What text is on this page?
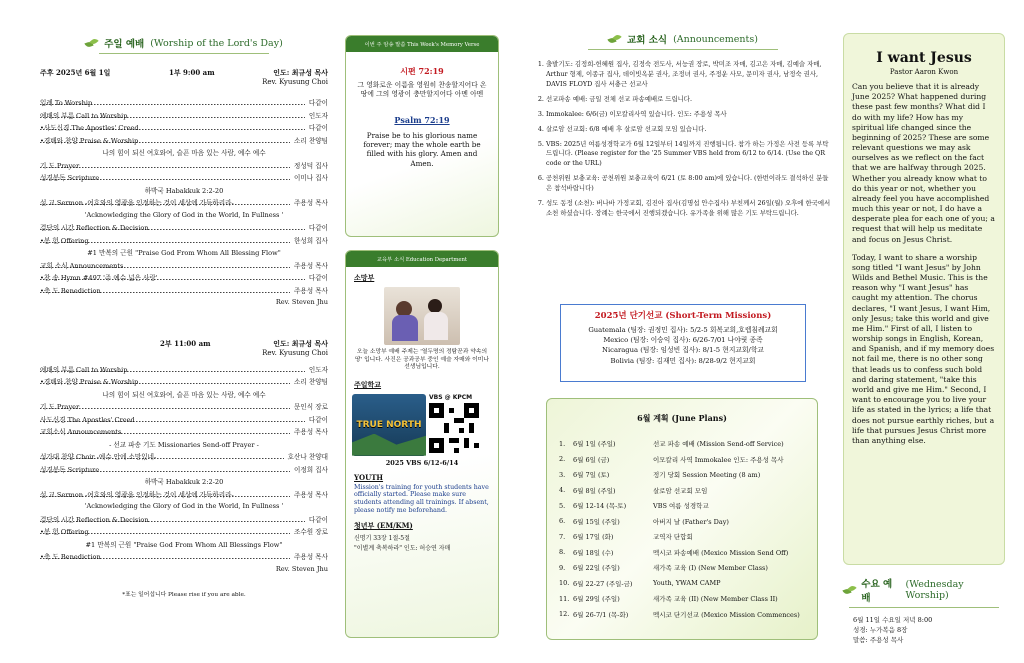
주일 예배 (Worship of the Lord's Day)
주후 2025년 6월 1일	1부 9:00 am	인도: 최규성 목사
Rev. Kyusung Choi
입례 To Worship	다같이
예배의 부름 Call to Worship	인도자
•사도신경 The Apostles' Creed	다같이
•경배와 찬양 Praise & Worship	소리 찬양팀
나의 힘이 되신 여호와여, 슬픈 마음 있는 사람, 예수 예수
기 도 Prayer	정성덕 집사
성경봉독 Scripture	이미나 집사
하박국 Habakkuk 2:2-20
설 교 Sermon -여호와의 영광을 인정하는 것이 세상에 가득하리라-	주용성 목사
'Acknowledging the Glory of God in the World, In Fullness '
결단의 시간 Reflection & Decision	다같이
•봉 헌 Offering	한성희 집사
#1 만복의 근원 "Praise God From Whom All Blessing Flow"
교회 소식 Announcements	주용성 목사
•찬 송 Hymn #497 '주 예수 넓은 사랑'	다같이
•축 도 Benediction	주용성 목사
Rev. Steven Jhu
2부 11:00 am	인도: 최규성 목사
Rev. Kyusung Choi
예배의 부름 Call to Worship	인도자
•경배와 찬양 Praise & Worship	소리 찬양팀
나의 힘이 되신 여호와여, 슬픈 마음 있는 사람, 예수 예수
기 도 Prayer	문인식 장로
사도신경 The Apostles' Creed	다같이
교회소식 Announcements	주용성 목사
- 선교 파송 기도 Missionaries Send-off Prayer -
성가대 찬양 Choir -예수 안에 소망있네-	호산나 찬양대
성경봉독 Scripture	이정희 집사
하박국 Habakkuk 2:2-20
설 교 Sermon -여호와의 영광을 인정하는 것이 세상에 가득하리라-	주용성 목사
'Acknowledging the Glory of God in the World, In Fullness '
결단의 시간 Reflection & Decision	다같이
•봉 헌 Offering	조수원 장로
#1 만복의 근원 "Praise God From Whom All Blessings Flow"
•축 도 Benediction	주용성 목사
Rev. Steven Jhu
*표는 일어섭니다 Please rise if you are able.
이번 주 암송 말씀 This Week's Memory Verse
시편 72:19
그 영화로운 이름을 영원히 찬송할지어다 온 땅에 그의 영광이 충만할지어다 아멘 아멘
Psalm 72:19
Praise be to his glorious name forever; may the whole earth be filled with his glory. Amen and Amen.
교육부 소식 Education Department
소망부
오늘 소망부 예배 주제는 '열두명의 정탐꾼과 약속의 땅' 입니다. 사진은 공과공부 중인 예슬 자매와 이미나 선생님입니다.
주일학교
TRUE NORTH
VBS @ KPCM
2025 VBS 6/12-6/14
YOUTH
Mission's training for youth students have officially started. Please make sure students attending all trainings. If absent, please notify me beforehand.
청년부 (EM/KM)
신명기 33장 1절-5절
"이별계 축복하라" 인도: 허승연 자매
교회 소식 (Announcements)
1. 출발기도: 김정희-헌혜원 집사, 김정숙 전도사, 서능권 장로, 박미조 자매, 김고은 자매, 김예슬 자매, Arthur 형제, 이종규 집사, 데이빗옥분 권사, 조정녀 권사, 주정운 사모, 문미자 권사, 남정숙 권사, DAVIS FLOYD 집사 서충근 선교사
2. 선교파송 예배: 금일 전체 선교 파송예배로 드립니다.
3. Immokalee: 6/6(금) 이모칼리사역 있습니다. 인도: 주용성 목사
4. 살로암 선교회: 6/8 예배 후 살로암 선교회 모임 있습니다.
5. VBS: 2025년 여름성경학교가 6월 12일부터 14일까지 진행됩니다. 참가 하는 가정은 사전 등록 부탁드립니다. (Please register for the '25 Summer VBS held from 6/12 to 6/14. (Use the QR code or the URL)
6. 공천위원 보충교육: 공천위원 보충교육이 6/21 (토 8:00 am)에 있습니다. (한번이라도 결석하신 분들은 참석바랍니다)
7. 성도 동정 (소천): 버나바 가정교회, 김진아 집사(김명섭 안수집사) 부친께서 26일(월) 오후에 한국에서 소천 하셨습니다. 장례는 한국에서 진행되겠습니다. 유가족을 위해 많은 기도 부탁드립니다.
2025년 단기선교 (Short-Term Missions)
Guatemala (팀장: 권정민 집사): 5/2-5 회복교회,호렙침례교회
Mexico (팀장: 이승익 집사): 6/26-7/01 나야릿 종족
Nicaragua (팀장: 임성빈 집사): 8/1-5 현지교회/학교
Bolivia (팀장: 김재민 집사): 8/28-9/2 현지교회
6월 계획 (June Plans)
1.	6월 1일 (주일)	선교 파송 예배 (Mission Send-off Service)
2.	6월 6일 (금)	이모칼리 사역 Immokalee 인도: 주용성 목사
3.	6월 7일 (토)	정기 당회 Session Meeting (8 am)
4.	6월 8일 (주일)	살로암 선교회 모임
5.	6월 12-14 (목-토)	VBS 여름 성경학교
6.	6월 15일 (주일)	아버지 날 (Father's Day)
7.	6월 17일 (화)	교역자 단합회
8.	6월 18일 (수)	멕시코 파송예배 (Mexico Mission Send Off)
9.	6월 22일 (주일)	새가족 교육 (I) (New Member Class)
10. 6월 22-27 (주일-금)	Youth, YWAM CAMP
11. 6월 29일 (주일)	새가족 교육 (II) (New Member Class II)
12. 6월 26-7/1 (목-화)	멕시코 단기선교 (Mexico Mission Commences)
I want Jesus
Pastor Aaron Kwon
Can you believe that it is already June 2025? What happened during these past few months? What did I do with my life? How has my spiritual life changed since the beginning of 2025? These are some relevant questions we may ask ourselves as we reflect on the fact that we are halfway through 2025. Whether you already know what to do this year or not, whether you already feel you have accomplished much this year or not, I do have a desperate plea for each one of you; a request that will help us meditate and focus on Jesus Christ.
Today, I want to share a worship song titled "I want Jesus" by John Wilds and Bethel Music. This is the reason why "I want Jesus" has caught my attention. The chorus declares, "I want Jesus, I want Him, only Jesus; take this world and give me Him." First of all, I listen to worship songs in English, Korean, and Spanish, and if my memory does not fail me, there is no other song that leads us to confess such bold and daring statement, "take this world and give me Him." Second, I want to encourage you to live your life as stated in the lyrics; a life that does not pursue earthly riches, but a life that pursues Jesus Christ more than anything else.
수요 예배
(Wednesday Worship)
6월 11일 수요일 저녁 8:00
성경: 누가복음 8장
말씀: 주용성 목사
